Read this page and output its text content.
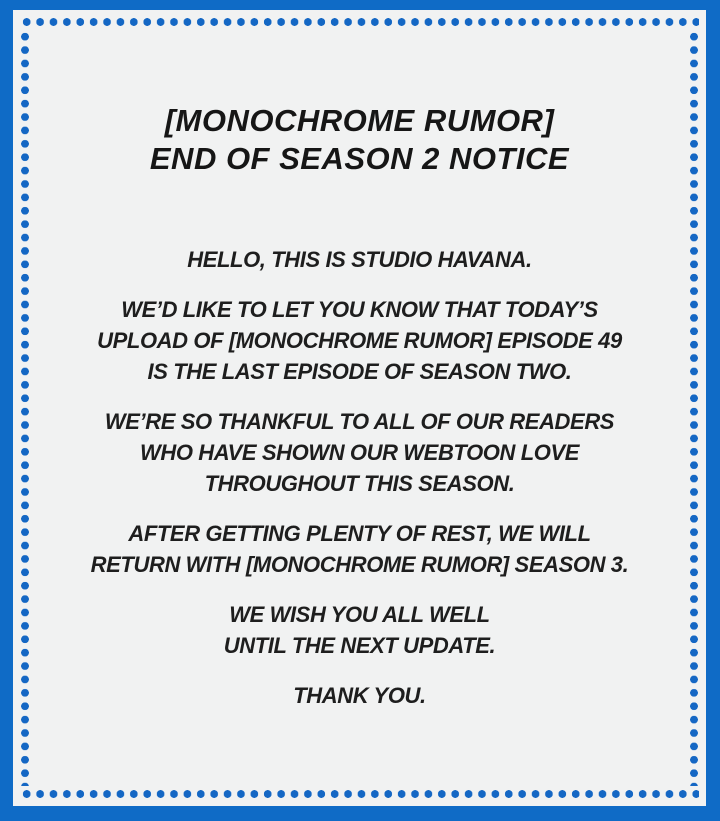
[MONOCHROME RUMOR]
END OF SEASON 2 NOTICE
HELLO, THIS IS STUDIO HAVANA.
WE’D LIKE TO LET YOU KNOW THAT TODAY’S
UPLOAD OF [MONOCHROME RUMOR] EPISODE 49
IS THE LAST EPISODE OF SEASON TWO.
WE’RE SO THANKFUL TO ALL OF OUR READERS
WHO HAVE SHOWN OUR WEBTOON LOVE
THROUGHOUT THIS SEASON.
AFTER GETTING PLENTY OF REST, WE WILL
RETURN WITH [MONOCHROME RUMOR] SEASON 3.
WE WISH YOU ALL WELL
UNTIL THE NEXT UPDATE.
THANK YOU.
